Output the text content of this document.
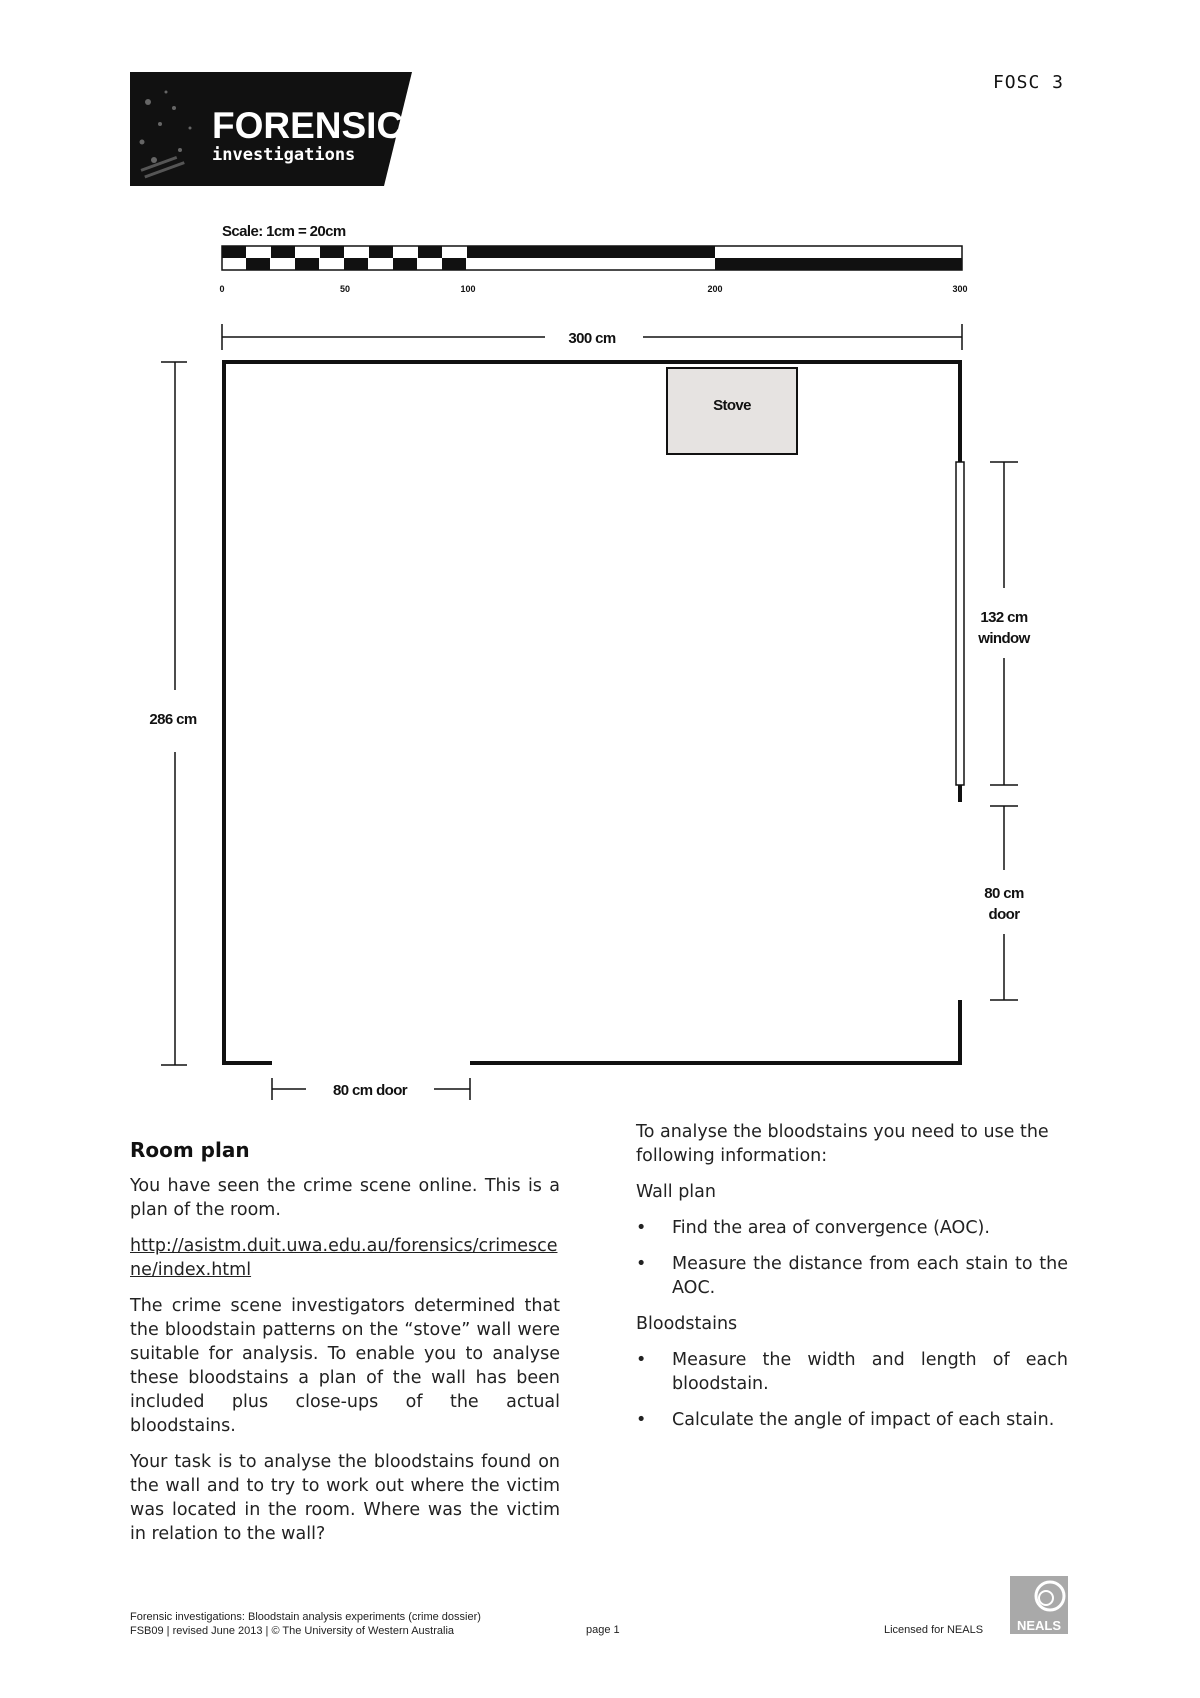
FORENSIC
investigations
FOSC 3
Scale: 1cm = 20cm
0	50	100	200	300
300 cm
286 cm
Stove
132 cm
window
80 cm
door
80 cm door
Room plan

You have seen the crime scene online. This is a plan of the room.

http://asistm.duit.uwa.edu.au/forensics/crimescene/index.html

The crime scene investigators determined that the bloodstain patterns on the “stove” wall were suitable for analysis. To enable you to analyse these bloodstains a plan of the wall has been included plus close-ups of the actual bloodstains.

Your task is to analyse the bloodstains found on the wall and to try to work out where the victim was located in the room. Where was the victim in relation to the wall?

To analyse the bloodstains you need to use the following information:

Wall plan

• Find the area of convergence (AOC).
• Measure the distance from each stain to the AOC.

Bloodstains

• Measure the width and length of each bloodstain.
• Calculate the angle of impact of each stain.
Forensic investigations: Bloodstain analysis experiments (crime dossier)
FSB09 | revised June 2013 | © The University of Western Australia	page 1	Licensed for NEALS	NEALS
